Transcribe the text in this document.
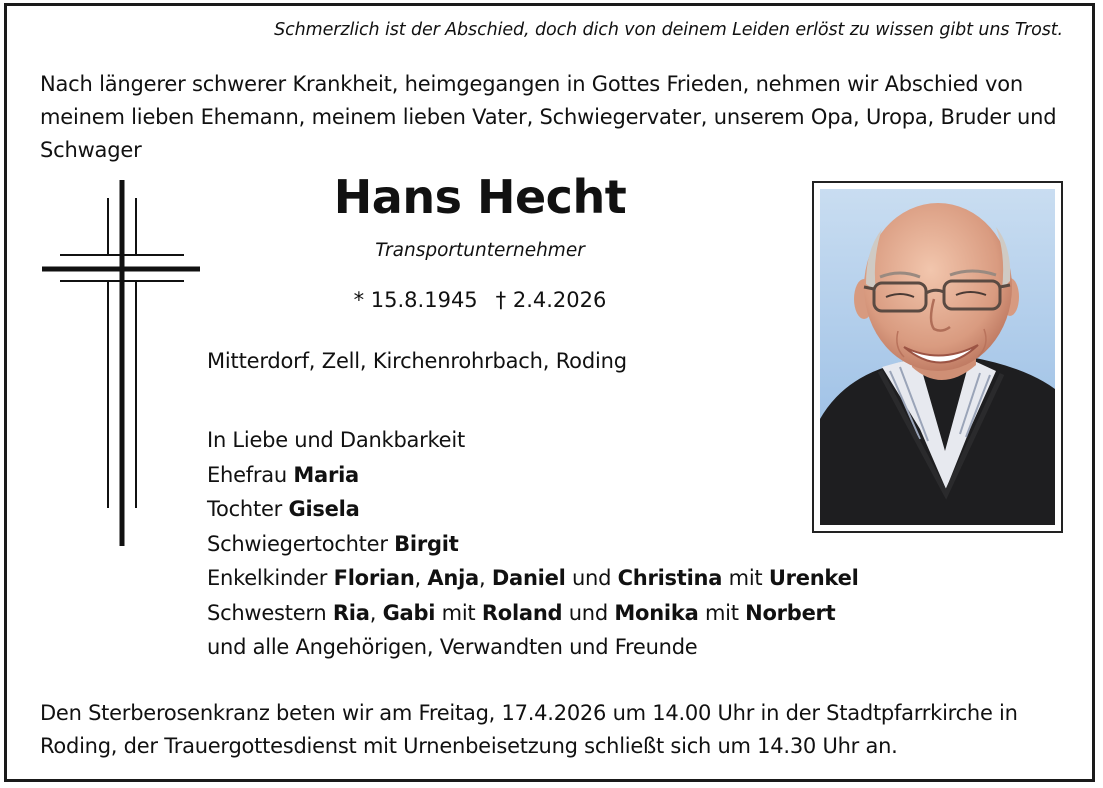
Schmerzlich ist der Abschied, doch dich von deinem Leiden erlöst zu wissen gibt uns Trost.
Nach längerer schwerer Krankheit, heimgegangen in Gottes Frieden, nehmen wir Abschied von meinem lieben Ehemann, meinem lieben Vater, Schwiegervater, unserem Opa, Uropa, Bruder und Schwager
Hans Hecht
Transportunternehmer
* 15.8.1945 † 2.4.2026
Mitterdorf, Zell, Kirchenrohrbach, Roding
In Liebe und Dankbarkeit
Ehefrau Maria
Tochter Gisela
Schwiegertochter Birgit
Enkelkinder Florian, Anja, Daniel und Christina mit Urenkel
Schwestern Ria, Gabi mit Roland und Monika mit Norbert
und alle Angehörigen, Verwandten und Freunde
Den Sterberosenkranz beten wir am Freitag, 17.4.2026 um 14.00 Uhr in der Stadtpfarrkirche in Roding, der Trauergottesdienst mit Urnenbeisetzung schließt sich um 14.30 Uhr an.
